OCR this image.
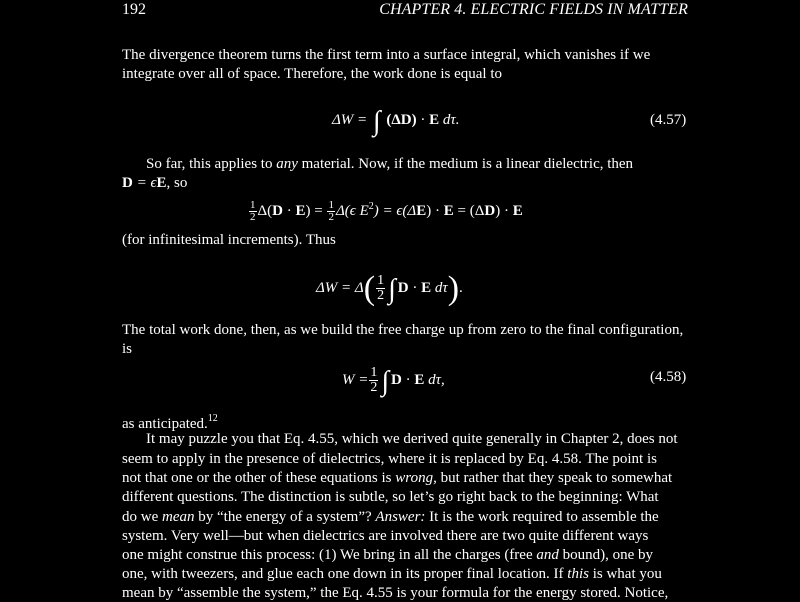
192	CHAPTER 4. ELECTRIC FIELDS IN MATTER
The divergence theorem turns the first term into a surface integral, which vanishes if we
integrate over all of space. Therefore, the work done is equal to
ΔW = ∫ (ΔD) · E dτ.	(4.57)
So far, this applies to any material. Now, if the medium is a linear dielectric, then
D = ϵE, so
$\frac{1}{2} \Delta(D \cdot E) = \frac{1}{2} \Delta(\epsilon$ $E^2) = \epsilon(\Delta E) \cdot E = (\Delta D) \cdot E$
(for infinitesimal increments). Thus
$\Delta W = \Delta( \frac{1}{2}$ ∫ D · E dτ).
The total work done, then, as we build the free charge up from zero to the final configuration,
is
$W = \frac{1}{2}$ ∫ D · E dτ,	(4.58)
as anticipated.$^{12}$
It may puzzle you that Eq. 4.55, which we derived quite generally in Chapter 2, does not
seem to apply in the presence of dielectrics, where it is replaced by Eq. 4.58. The point is
not that one or the other of these equations is wrong, but rather that they speak to somewhat
different questions. The distinction is subtle, so let’s go right back to the beginning: What
do we mean by “the energy of a system”? Answer: It is the work required to assemble the
system. Very well—but when dielectrics are involved there are two quite different ways
one might construe this process: (1) We bring in all the charges (free and bound), one by
one, with tweezers, and glue each one down in its proper final location. If this is what you
mean by “assemble the system,” the Eq. 4.55 is your formula for the energy stored. Notice,
